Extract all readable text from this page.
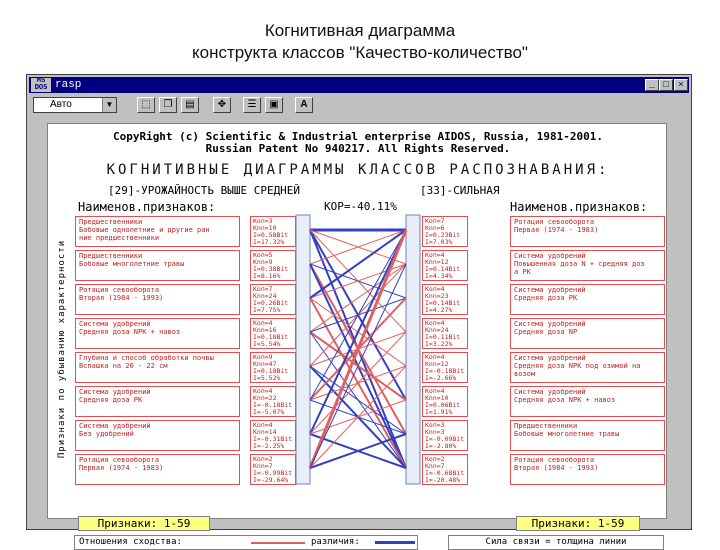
Когнитивная диаграмма
конструкта классов "Качество-количество"
MS DOS rasp	_ □	×
Авто	▼	⬚	❐	▤	✥	☰	▣	A
CopyRight (c) Scientific & Industrial enterprise AIDOS, Russia, 1981-2001.
Russian Patent No 940217. All Rights Reserved.
КОГНИТИВНЫЕ ДИАГРАММЫ КЛАССОВ РАСПОЗНАВАНИЯ:
[29]-УРОЖАЙНОСТЬ ВЫШЕ СРЕДНЕЙ	[33]-СИЛЬНАЯ
Наименов.признаков:	КОР=-40.11%	Наименов.признаков:
Признаки по убыванию характерности
Предшественники
Бобовые однолетние и другие ран
ние предшественники
Kоп=3
Knn=10
I=0.58Bit
I=17.32%
Kоп=7
Knn=6
I=0.23Bit
I=7.03%
Ротация севооборота
Первая (1974 - 1983)
Предшественники
Бобовые многолетние травы
Kоп=5
Knn=9
I=0.38Bit
I=8.16%
Kоп=4
Knn=12
I=0.14Bit
I=4.34%
Система удобрений
Повышенная доза N + средняя доз
а PK
Ротация севооборота
Вторая (1984 - 1993)
Kоп=7
Knn=24
I=0.26Bit
I=7.75%
Kоп=4
Knn=23
I=0.14Bit
I=4.27%
Система удобрений
Средняя доза PK
Система удобрений
Средняя доза NPK + навоз
Kоп=4
Knn=16
I=0.18Bit
I=5.54%
Kоп=4
Knn=24
I=0.11Bit
I=3.22%
Система удобрений
Средняя доза NP
Глубина и способ обработки почвы
Вспашка на 20 - 22 см
Kоп=9
Knn=47
I=0.18Bit
I=5.52%
Kоп=4
Knn=12
I=-0.18Bit
I=-2.66%
Система удобрений
Средняя доза NPK под озимой на
возом
Система удобрений
Средняя доза PK
Kоп=4
Knn=22
I=-0.18Bit
I=-5.07%
Kоп=4
Knn=10
I=0.06Bit
I=1.91%
Система удобрений
Средняя доза NPK + навоз
Система удобрений
Без удобрений
Kоп=4
Knn=14
I=-0.31Bit
I=-2.25%
Kоп=3
Knn=3
I=-0.09Bit
I=-2.80%
Предшественники
Бобовые многолетние травы
Ротация севооборота
Первая (1974 - 1983)
Kоп=2
Knn=7
I=-0.99Bit
I=-29.64%
Kоп=2
Knn=7
I=-0.68Bit
I=-20.48%
Ротация севооборота
Вторая (1984 - 1993)
Признаки: 1-59	Признаки: 1-59
Отношения сходства:	различия:	Сила связи = толщина линии
